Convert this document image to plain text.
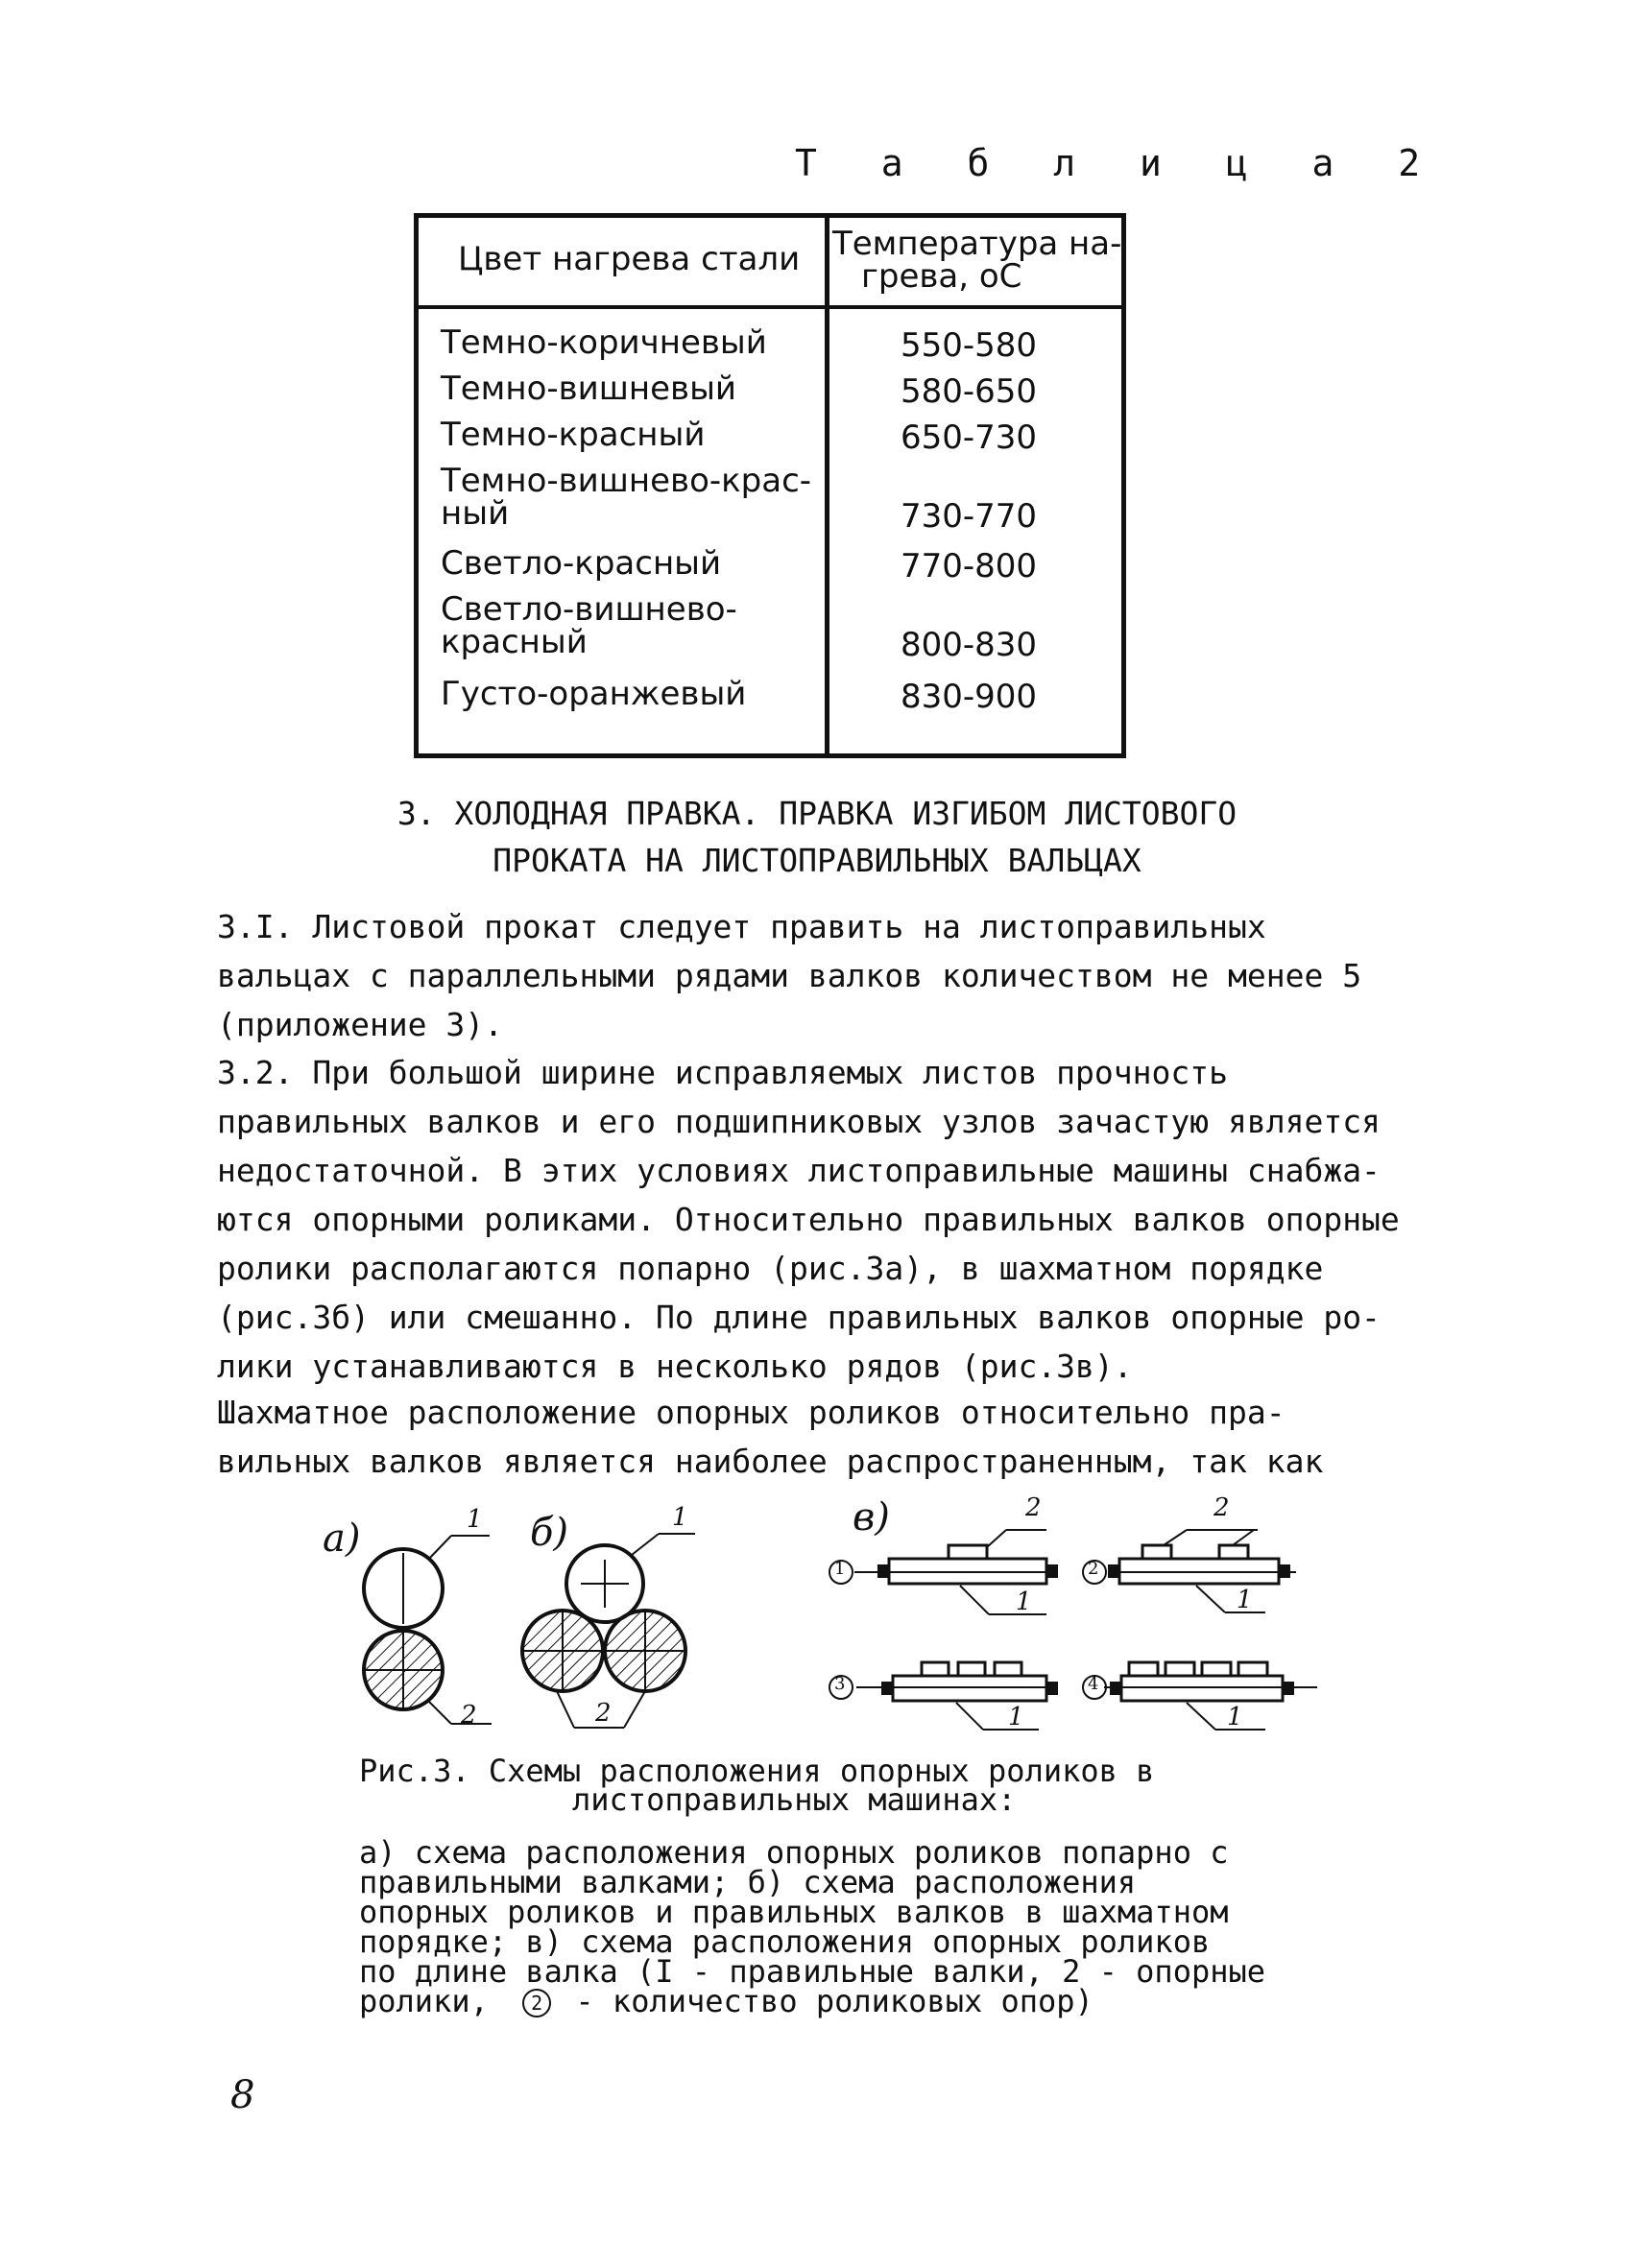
Т а б л и ц а 2
Цвет нагрева стали Температура на-
грева, оС
Темно-коричневый	550-580
Темно-вишневый	580-650
Темно-красный	650-730
Темно-вишнево-крас-
ный	730-770
Светло-красный	770-800
Светло-вишнево-
красный	800-830
Густо-оранжевый	830-900
3. ХОЛОДНАЯ ПРАВКА. ПРАВКА ИЗГИБОМ ЛИСТОВОГО
ПРОКАТА НА ЛИСТОПРАВИЛЬНЫХ ВАЛЬЦАХ
3.I. Листовой прокат следует править на листоправильных
вальцах с параллельными рядами валков количеством не менее 5
(приложение 3).
3.2. При большой ширине исправляемых листов прочность
правильных валков и его подшипниковых узлов зачастую является
недостаточной. В этих условиях листоправильные машины снабжа-
ются опорными роликами. Относительно правильных валков опорные
ролики располагаются попарно (рис.3а), в шахматном порядке
(рис.3б) или смешанно. По длине правильных валков опорные ро-
лики устанавливаются в несколько рядов (рис.3в).
Шахматное расположение опорных роликов относительно пра-
вильных валков является наиболее распространенным, так как
а)	б)	в)
1
2
1
2
2
1
2
1
1	1
1	2
3	4
Рис.3. Схемы расположения опорных роликов в
листоправильных машинах:
а) схема расположения опорных роликов попарно с
правильными валками; б) схема расположения
опорных роликов и правильных валков в шахматном
порядке; в) схема расположения опорных роликов
по длине валка (I - правильные валки, 2 - опорные
ролики, 2 - количество роликовых опор)
8
